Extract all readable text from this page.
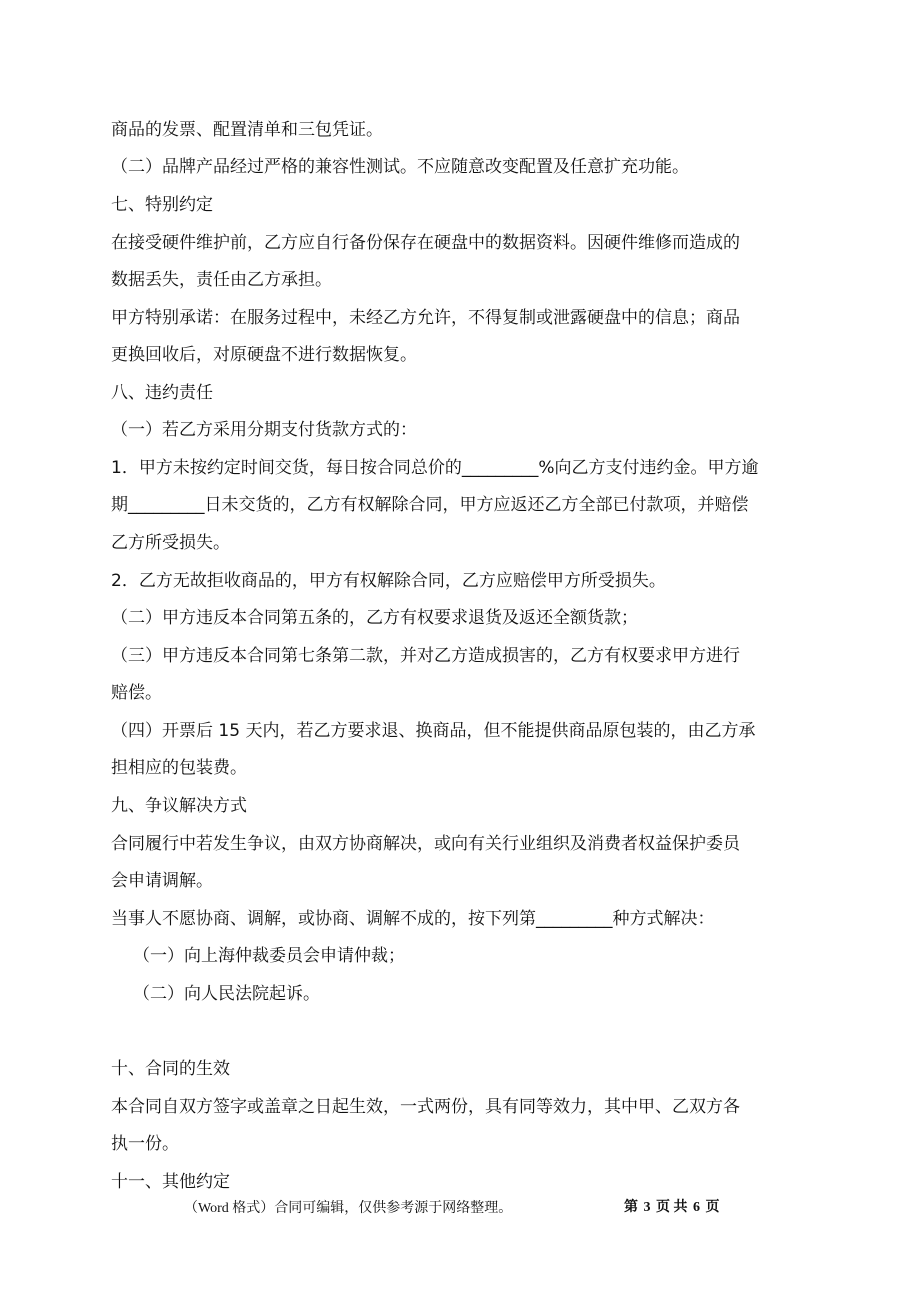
商品的发票、配置清单和三包凭证。
（二）品牌产品经过严格的兼容性测试。不应随意改变配置及任意扩充功能。
七、特别约定
在接受硬件维护前，乙方应自行备份保存在硬盘中的数据资料。因硬件维修而造成的
数据丢失，责任由乙方承担。
甲方特别承诺：在服务过程中，未经乙方允许，不得复制或泄露硬盘中的信息；商品
更换回收后，对原硬盘不进行数据恢复。
八、违约责任
（一）若乙方采用分期支付货款方式的：
1．甲方未按约定时间交货，每日按合同总价的_________%向乙方支付违约金。甲方逾
期_________日未交货的，乙方有权解除合同，甲方应返还乙方全部已付款项，并赔偿
乙方所受损失。
2．乙方无故拒收商品的，甲方有权解除合同，乙方应赔偿甲方所受损失。
（二）甲方违反本合同第五条的，乙方有权要求退货及返还全额货款；
（三）甲方违反本合同第七条第二款，并对乙方造成损害的，乙方有权要求甲方进行
赔偿。
（四）开票后 15 天内，若乙方要求退、换商品，但不能提供商品原包装的，由乙方承
担相应的包装费。
九、争议解决方式
合同履行中若发生争议，由双方协商解决，或向有关行业组织及消费者权益保护委员
会申请调解。
当事人不愿协商、调解，或协商、调解不成的，按下列第_________种方式解决：
（一）向上海仲裁委员会申请仲裁；
（二）向人民法院起诉。
十、合同的生效
本合同自双方签字或盖章之日起生效，一式两份，具有同等效力，其中甲、乙双方各
执一份。
十一、其他约定
（Word 格式）合同可编辑，仅供参考源于网络整理。	第 3 页 共 6 页
